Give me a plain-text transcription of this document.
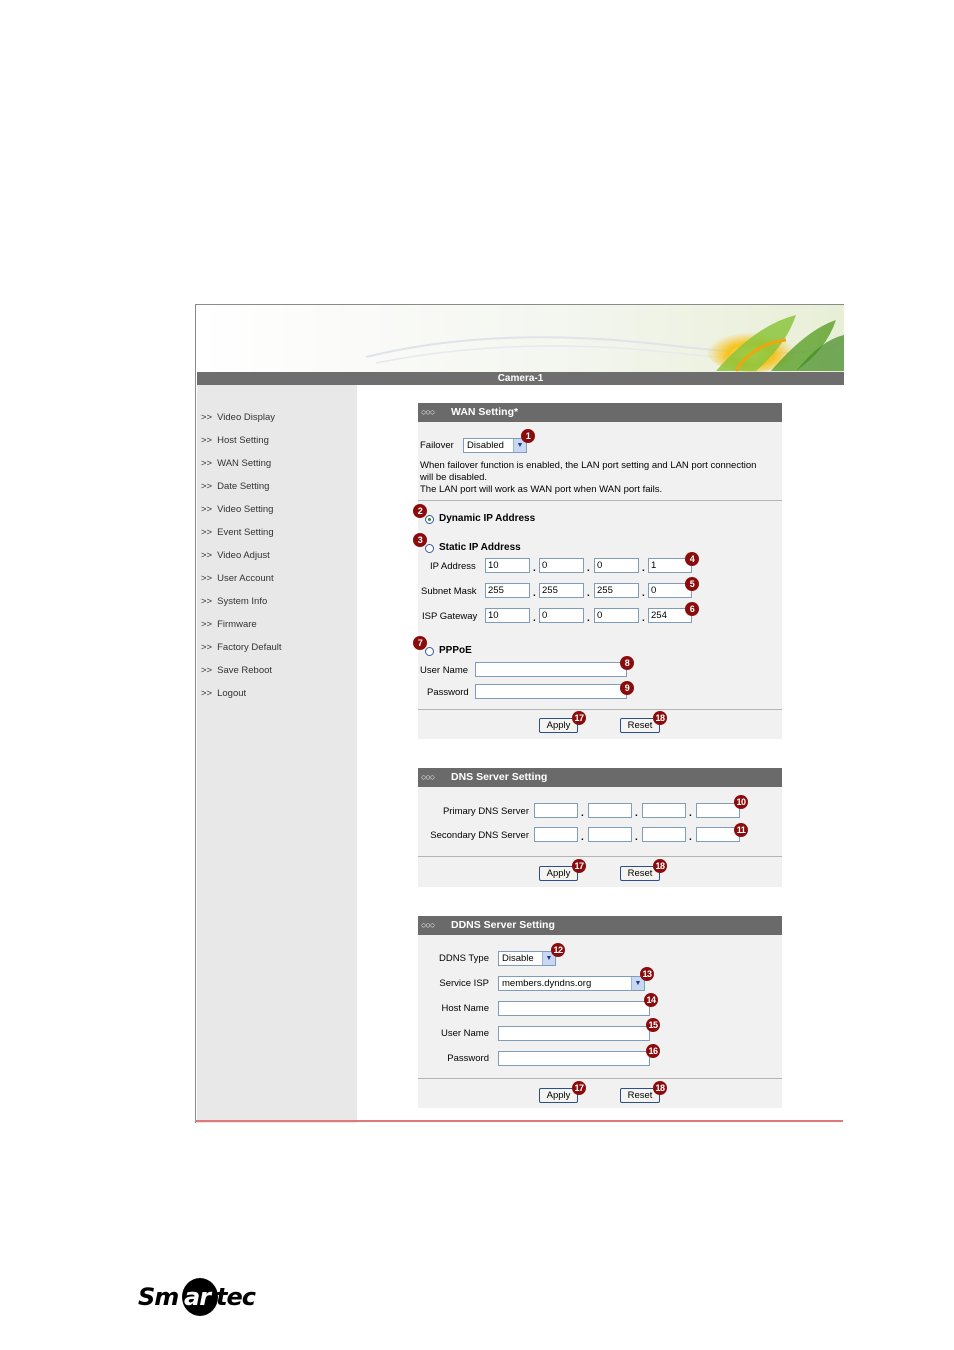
Camera-1
>> Video Display
>> Host Setting
>> WAN Setting
>> Date Setting
>> Video Setting
>> Event Setting
>> Video Adjust
>> User Account
>> System Info
>> Firmware
>> Factory Default
>> Save Reboot
>> Logout
○○○ WAN Setting*
Failover	Disabled	▼
1
When failover function is enabled, the LAN port setting and LAN port connection
will be disabled.
The LAN port will work as WAN port when WAN port fails.
2
Dynamic IP Address
3
Static IP Address
IP Address	10	. 0	. 0	. 1
4
Subnet Mask	255	. 255	. 255	. 0
5
ISP Gateway	10	. 0	. 0	. 254
6
7
PPPoE
User Name
8
Password	9
Apply
17
Reset
18
○○○ DNS Server Setting
Primary DNS Server	.	.	.
10
Secondary DNS Server	.	.	.
11
Apply
17
Reset
18
○○○ DDNS Server Setting
DDNS Type	Disable	▼
12
Service ISP	members.dyndns.org	▼
13
Host Name
14
User Name
15
Password
16
Apply
17
Reset
18
Sm ar tec
